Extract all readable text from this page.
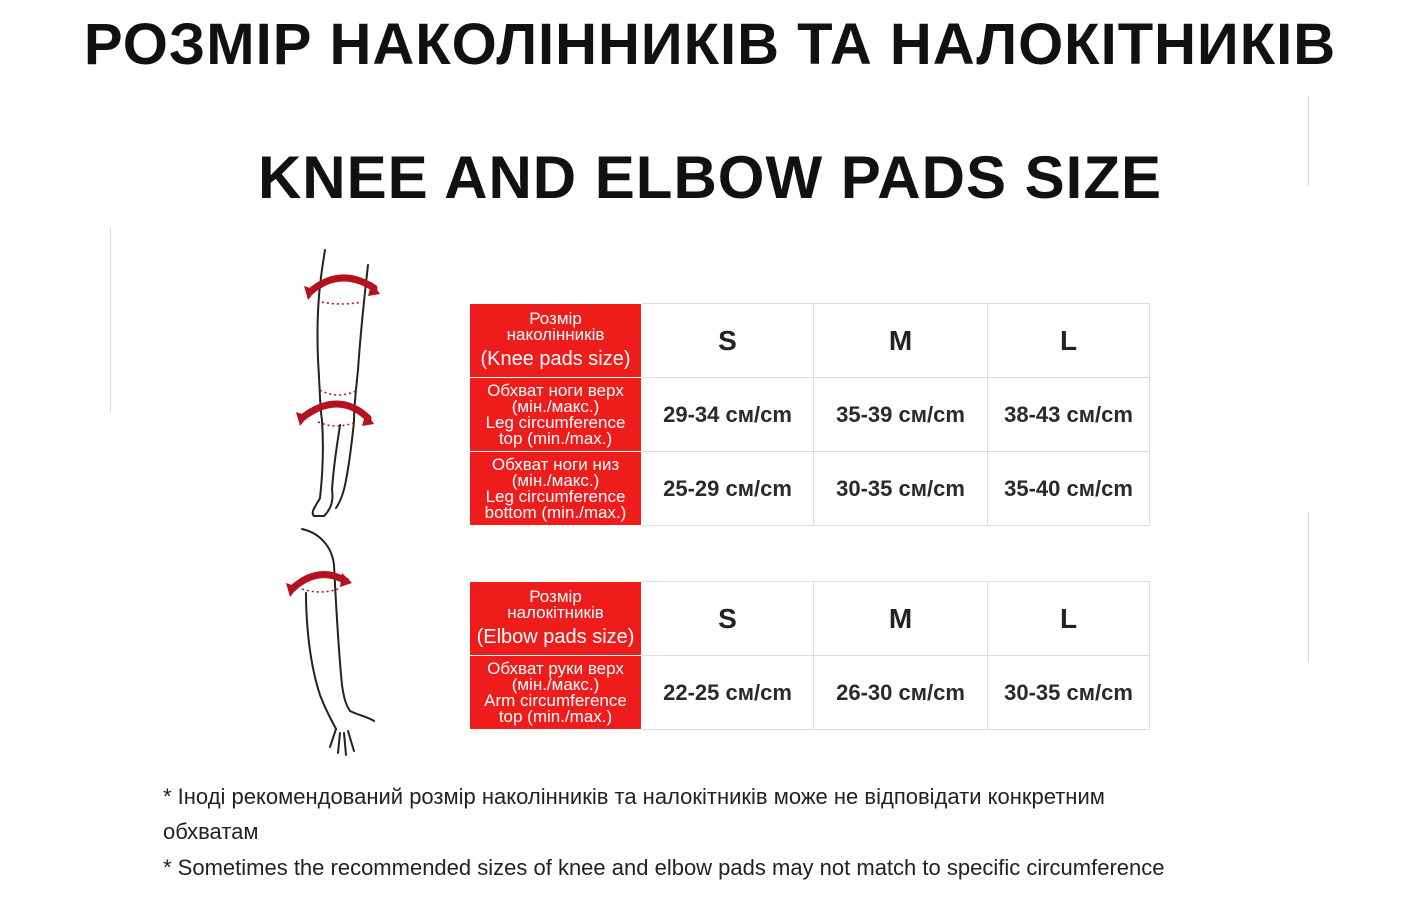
РОЗМІР НАКОЛІННИКІВ ТА НАЛОКІТНИКІВ
KNEE AND ELBOW PADS SIZE
Розмір
наколінників
(Knee pads size)	S	M	L
Обхват ноги верх
(мін./макс.)
Leg circumference
top (min./max.)	29-34 см/cm	35-39 см/cm	38-43 см/cm
Обхват ноги низ
(мін./макс.)
Leg circumference
bottom (min./max.)	25-29 см/cm	30-35 см/cm	35-40 см/cm
Розмір
налокітників
(Elbow pads size)	S	M	L
Обхват руки верх
(мін./макс.)
Arm circumference
top (min./max.)	22-25 см/cm	26-30 см/cm	30-35 см/cm
* Іноді рекомендований розмір наколінників та налокітників може не відповідати конкретним
обхватам
* Sometimes the recommended sizes of knee and elbow pads may not match to specific circumference
